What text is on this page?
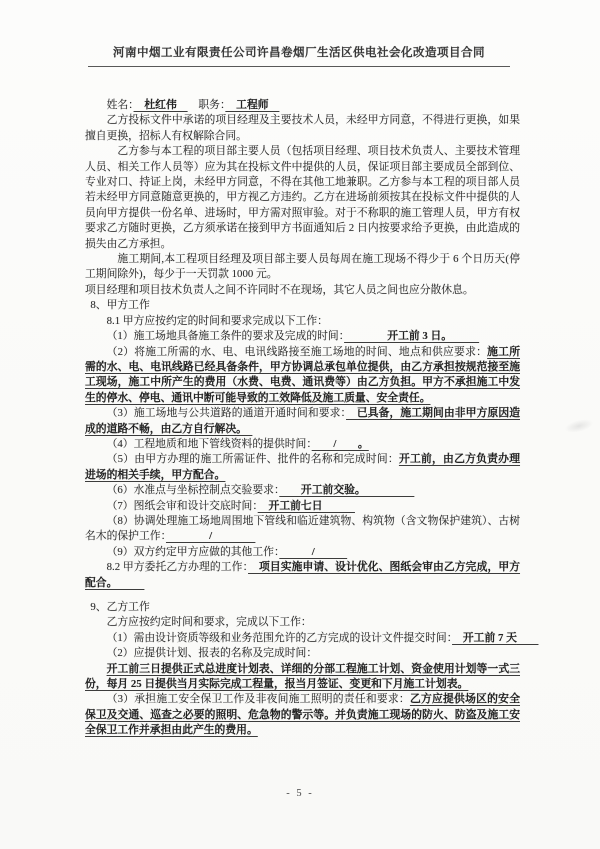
河南中烟工业有限责任公司许昌卷烟厂生活区供电社会化改造项目合同

姓名：　杜红伟　　职务：　工程师　

乙方投标文件中承诺的项目经理及主要技术人员，未经甲方同意，不得进行更换，如果擅自更换，招标人有权解除合同。

乙方参与本工程的项目部主要人员（包括项目经理、项目技术负责人、主要技术管理人员、相关工作人员等）应为其在投标文件中提供的人员，保证项目部主要成员全部到位、专业对口、持证上岗，未经甲方同意，不得在其他工地兼职。乙方参与本工程的项目部人员若未经甲方同意随意更换的，甲方视乙方违约。乙方在进场前须按其在投标文件中提供的人员向甲方提供一份名单、进场时，甲方需对照审验。对于不称职的施工管理人员，甲方有权要求乙方随时更换，乙方须承诺在接到甲方书面通知后 2 日内按要求给予更换，由此造成的损失由乙方承担。

施工期间,本工程项目经理及项目部主要人员每周在施工现场不得少于 6 个日历天(停工期间除外)，每少于一天罚款 1000 元。

项目经理和项目技术负责人之间不许同时不在现场，其它人员之间也应分散休息。

8、甲方工作

8.1 甲方应按约定的时间和要求完成以下工作：

（1）施工场地具备施工条件的要求及完成的时间：　　　　开工前 3 日。　　　

（2）将施工所需的水、电、电讯线路接至施工场地的时间、地点和供应要求：施工所需的水、电、电讯线路已经具备条件，甲方协调总承包单位提供，由乙方承担按规范接至施工现场，施工中所产生的费用（水费、电费、通讯费等）由乙方负担。甲方不承担施工中发生的停水、停电、通讯中断可能导致的工效降低及施工质量、安全责任。

（3）施工场地与公共道路的通道开通时间和要求：　已具备，施工期间由非甲方原因造成的道路不畅，由乙方自行解决。　

（4）工程地质和地下管线资料的提供时间：　　/　　。

（5）由甲方办理的施工所需证件、批件的名称和完成时间：开工前，由乙方负责办理进场的相关手续，甲方配合。

（6）水准点与坐标控制点交验要求：　　开工前交验。　　　　　

（7）图纸会审和设计交底时间：　开工前七日　　　

（8）协调处理施工场地周围地下管线和临近建筑物、构筑物（含文物保护建筑）、古树名木的保护工作：　　　　/　　　　

（9）双方约定甲方应做的其他工作：　　　/　　　

8.2 甲方委托乙方办理的工作：　项目实施申请、设计优化、图纸会审由乙方完成，甲方配合。　　　

9、乙方工作

乙方应按约定时间和要求，完成以下工作：

（1）需由设计资质等级和业务范围允许的乙方完成的设计文件提交时间：　开工前 7 天　　

（2）应提供计划、报表的名称及完成时间：

开工前三日提供正式总进度计划表、详细的分部工程施工计划、资金使用计划等一式三份，每月 25 日提供当月实际完成工程量，报当月签证、变更和下月施工计划表。

（3）承担施工安全保卫工作及非夜间施工照明的责任和要求：乙方应提供场区的安全保卫及交通、巡查之必要的照明、危急物的警示等。并负责施工现场的防火、防盗及施工安全保卫工作并承担由此产生的费用。

- 5 -
